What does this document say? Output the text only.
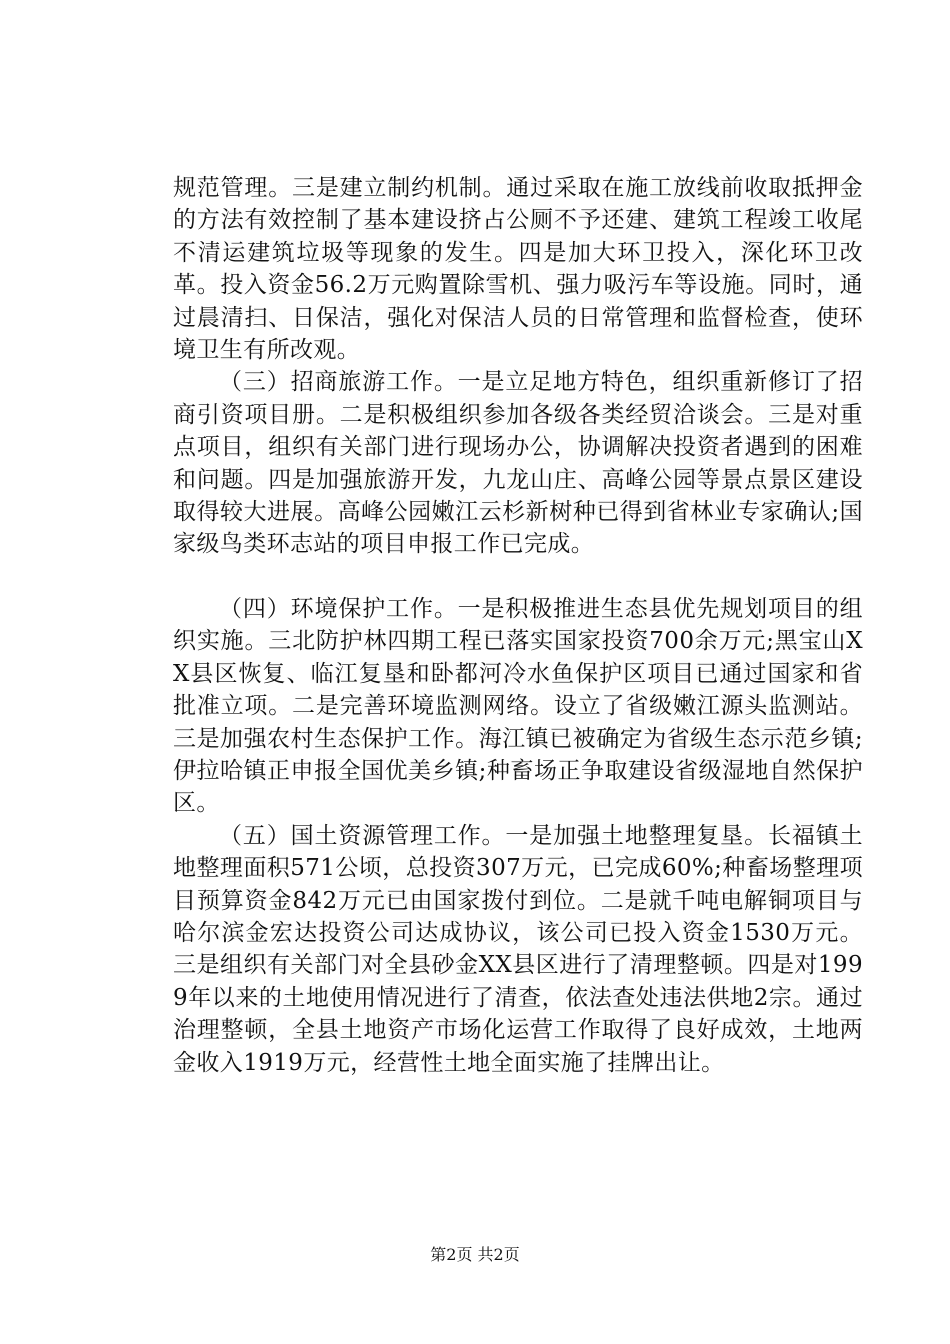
规范管理。三是建立制约机制。通过采取在施工放线前收取抵押金的方法有效控制了基本建设挤占公厕不予还建、建筑工程竣工收尾不清运建筑垃圾等现象的发生。四是加大环卫投入，深化环卫改革。投入资金56.2万元购置除雪机、强力吸污车等设施。同时，通过晨清扫、日保洁，强化对保洁人员的日常管理和监督检查，使环境卫生有所改观。

（三）招商旅游工作。一是立足地方特色，组织重新修订了招商引资项目册。二是积极组织参加各级各类经贸洽谈会。三是对重点项目，组织有关部门进行现场办公，协调解决投资者遇到的困难和问题。四是加强旅游开发，九龙山庄、高峰公园等景点景区建设取得较大进展。高峰公园嫩江云杉新树种已得到省林业专家确认;国家级鸟类环志站的项目申报工作已完成。

（四）环境保护工作。一是积极推进生态县优先规划项目的组织实施。三北防护林四期工程已落实国家投资700余万元;黑宝山XX县区恢复、临江复垦和卧都河冷水鱼保护区项目已通过国家和省批准立项。二是完善环境监测网络。设立了省级嫩江源头监测站。三是加强农村生态保护工作。海江镇已被确定为省级生态示范乡镇;伊拉哈镇正申报全国优美乡镇;种畜场正争取建设省级湿地自然保护区。

（五）国土资源管理工作。一是加强土地整理复垦。长福镇土地整理面积571公顷，总投资307万元，已完成60%;种畜场整理项目预算资金842万元已由国家拨付到位。二是就千吨电解铜项目与哈尔滨金宏达投资公司达成协议，该公司已投入资金1530万元。三是组织有关部门对全县砂金XX县区进行了清理整顿。四是对1999年以来的土地使用情况进行了清查，依法查处违法供地2宗。通过治理整顿，全县土地资产市场化运营工作取得了良好成效，土地两金收入1919万元，经营性土地全面实施了挂牌出让。

第2页 共2页
